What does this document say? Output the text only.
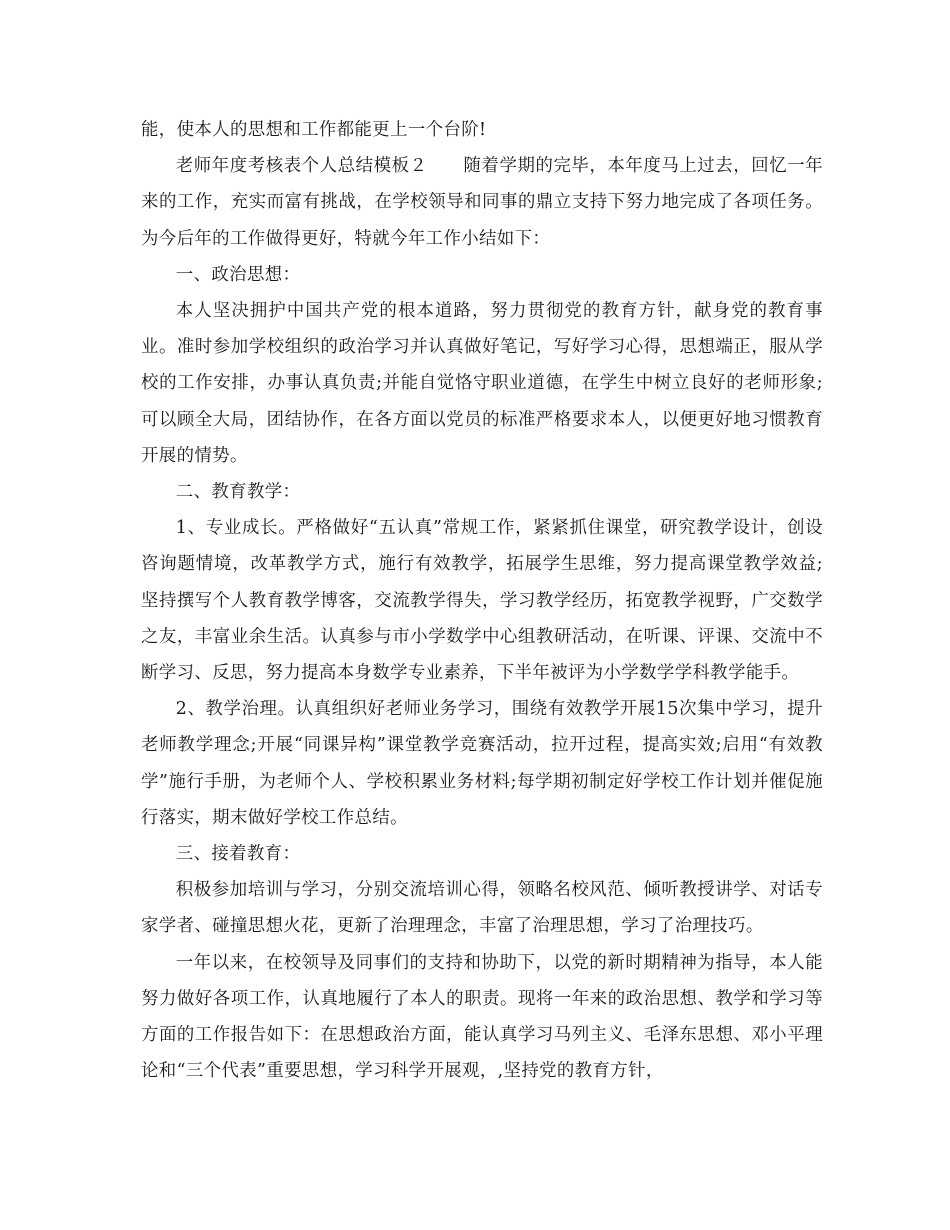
能，使本人的思想和工作都能更上一个台阶!

老师年度考核表个人总结模板２　　随着学期的完毕，本年度马上过去，回忆一年来的工作，充实而富有挑战，在学校领导和同事的鼎立支持下努力地完成了各项任务。为今后年的工作做得更好，特就今年工作小结如下：

一、政治思想：

本人坚决拥护中国共产党的根本道路，努力贯彻党的教育方针，献身党的教育事业。准时参加学校组织的政治学习并认真做好笔记，写好学习心得，思想端正，服从学校的工作安排，办事认真负责;并能自觉恪守职业道德，在学生中树立良好的老师形象;可以顾全大局，团结协作，在各方面以党员的标准严格要求本人，以便更好地习惯教育开展的情势。

二、教育教学：

1、专业成长。严格做好“五认真”常规工作，紧紧抓住课堂，研究教学设计，创设咨询题情境，改革教学方式，施行有效教学，拓展学生思维，努力提高课堂教学效益;坚持撰写个人教育教学博客，交流教学得失，学习教学经历，拓宽教学视野，广交数学之友，丰富业余生活。认真参与市小学数学中心组教研活动，在听课、评课、交流中不断学习、反思，努力提高本身数学专业素养，下半年被评为小学数学学科教学能手。

2、教学治理。认真组织好老师业务学习，围绕有效教学开展15次集中学习，提升老师教学理念;开展“同课异构”课堂教学竞赛活动，拉开过程，提高实效;启用“有效教学”施行手册，为老师个人、学校积累业务材料;每学期初制定好学校工作计划并催促施行落实，期末做好学校工作总结。

三、接着教育：

积极参加培训与学习，分别交流培训心得，领略名校风范、倾听教授讲学、对话专家学者、碰撞思想火花，更新了治理理念，丰富了治理思想，学习了治理技巧。

一年以来，在校领导及同事们的支持和协助下，以党的新时期精神为指导，本人能努力做好各项工作，认真地履行了本人的职责。现将一年来的政治思想、教学和学习等方面的工作报告如下：在思想政治方面，能认真学习马列主义、毛泽东思想、邓小平理论和“三个代表”重要思想，学习科学开展观，,坚持党的教育方针，
